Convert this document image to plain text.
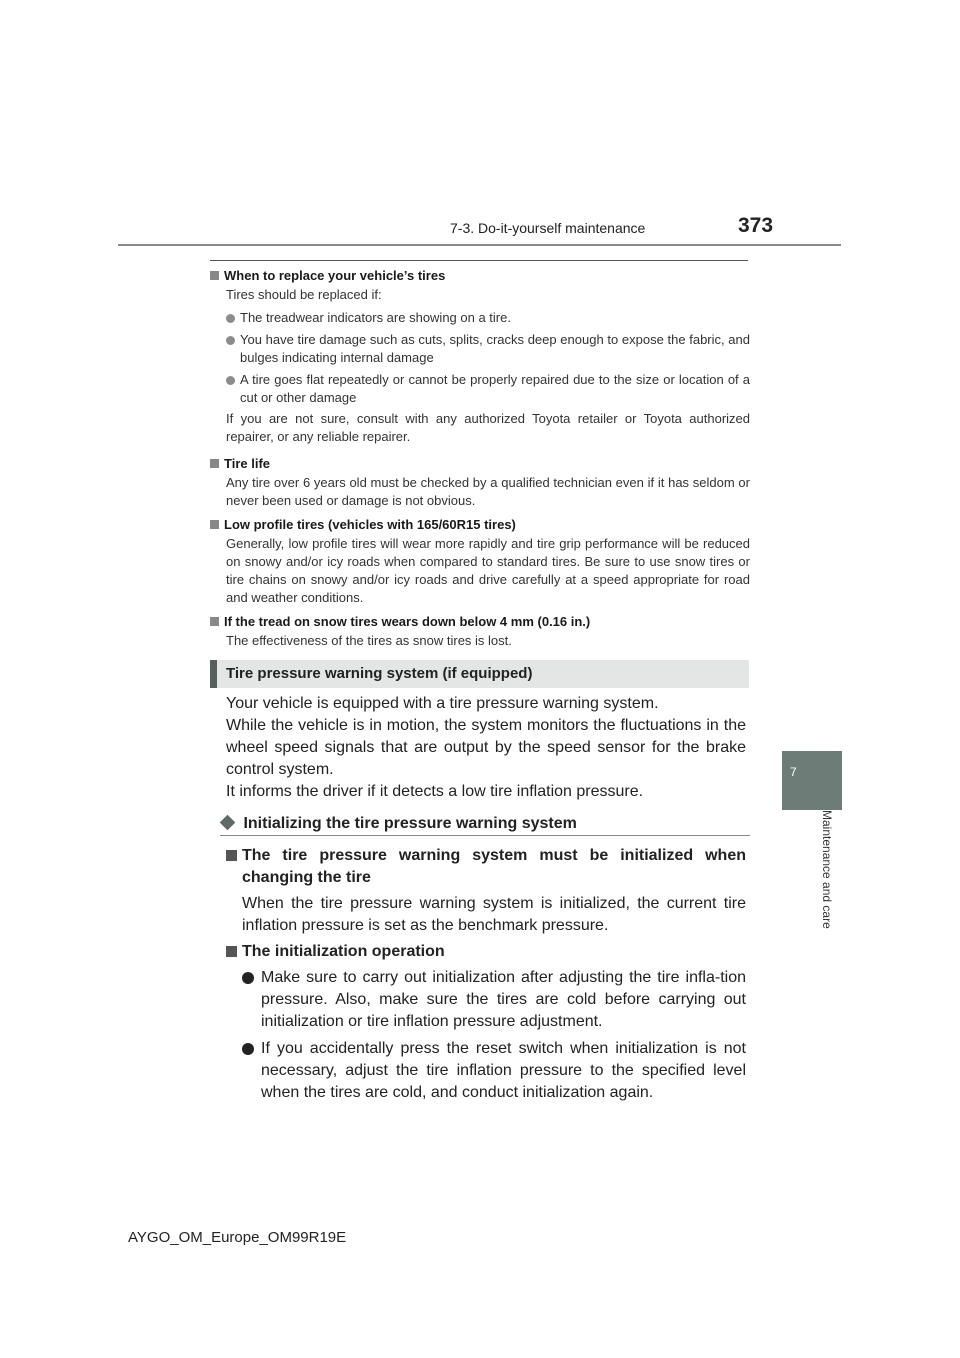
7-3. Do-it-yourself maintenance	373
7
Maintenance and care
When to replace your vehicle’s tires
Tires should be replaced if:
The treadwear indicators are showing on a tire.
You have tire damage such as cuts, splits, cracks deep enough to expose the fabric, and bulges indicating internal damage
A tire goes flat repeatedly or cannot be properly repaired due to the size or location of a cut or other damage
If you are not sure, consult with any authorized Toyota retailer or Toyota authorized repairer, or any reliable repairer.
Tire life
Any tire over 6 years old must be checked by a qualified technician even if it has seldom or never been used or damage is not obvious.
Low profile tires (vehicles with 165/60R15 tires)
Generally, low profile tires will wear more rapidly and tire grip performance will be reduced on snowy and/or icy roads when compared to standard tires. Be sure to use snow tires or tire chains on snowy and/or icy roads and drive carefully at a speed appropriate for road and weather conditions.
If the tread on snow tires wears down below 4 mm (0.16 in.)
The effectiveness of the tires as snow tires is lost.
Tire pressure warning system (if equipped)
Your vehicle is equipped with a tire pressure warning system.
While the vehicle is in motion, the system monitors the fluctuations in the wheel speed signals that are output by the speed sensor for the brake control system.
It informs the driver if it detects a low tire inflation pressure.
Initializing the tire pressure warning system
The tire pressure warning system must be initialized when changing the tire
When the tire pressure warning system is initialized, the current tire inflation pressure is set as the benchmark pressure.
The initialization operation
Make sure to carry out initialization after adjusting the tire infla-tion pressure. Also, make sure the tires are cold before carrying out initialization or tire inflation pressure adjustment.
If you accidentally press the reset switch when initialization is not necessary, adjust the tire inflation pressure to the specified level when the tires are cold, and conduct initialization again.
AYGO_OM_Europe_OM99R19E
